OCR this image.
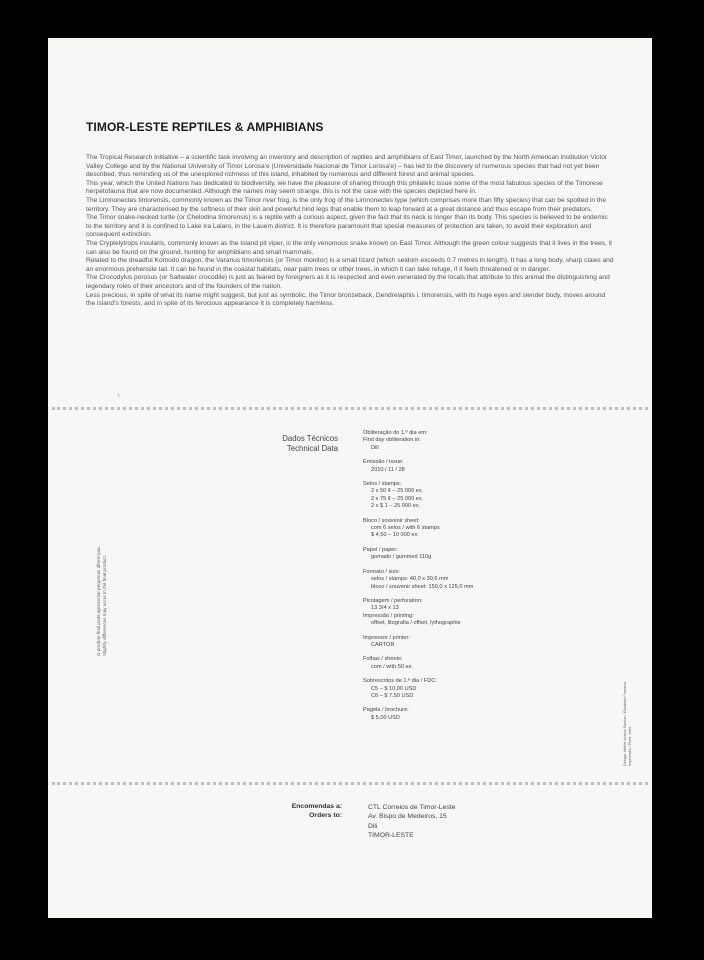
TIMOR-LESTE REPTILES & AMPHIBIANS

The Tropical Research Initiative – a scientific task involving an inventory and description of reptiles and amphibians of East Timor, launched by the North American institution Victor Valley College and by the National University of Timor Lorosa'e (Universidade Nacional de Timor Lorosa'e) – has led to the discovery of numerous species that had not yet been described, thus reminding us of the unexplored richness of this island, inhabited by numerous and different forest and animal species.

This year, which the United Nations has dedicated to biodiversity, we have the pleasure of sharing through this philatelic issue some of the most fabulous species of the Timorese herpetofauna that are now documented. Although the names may seem strange, this is not the case with the species depicted here in.

The Limnonectes timorensis, commonly known as the Timor river frog, is the only frog of the Limnonectes type (which comprises more than fifty species) that can be spotted in the territory. They are characterised by the softness of their skin and powerful hind legs that enable them to leap forward at a great distance and thus escape from their predators.

The Timor snake-necked turtle (or Chelodina timorensis) is a reptile with a curious aspect, given the fact that its neck is longer than its body. This species is believed to be endemic to the territory and it is confined to Lake Ira Lalaro, in the Lauem district. It is therefore paramount that special measures of protection are taken, to avoid their exploration and consequent extinction.

The Cryptelytrops insularis, commonly known as the Island pit viper, is the only venomous snake known on East Timor. Although the green colour suggests that it lives in the trees, it can also be found on the ground, hunting for amphibians and small mammals.

Related to the dreadful Komodo dragon, the Varanus timoriensis (or Timor monitor) is a small lizard (which seldom exceeds 0.7 metres in length). It has a long body, sharp claws and an enormous prehensile tail. It can be found in the coastal habitats, near palm trees or other trees, in which it can take refuge, if it feels threatened or in danger.

The Crocodylus porosus (or Saltwater crocodile) is just as feared by foreigners as it is respected and even venerated by the locals that attribute to this animal the distinguishing and legendary roles of their ancestors and of the founders of the nation.

Less precious, in spite of what its name might suggest, but just as symbolic, the Timor bronzeback, Dendrelaphis i. timorensis, with its huge eyes and slender body, moves around the island's forests, and in spite of its ferocious appearance it is completely harmless.

Dados Técnicos
Technical Data
Obliteração do 1.º dia em:
First day obliteration in:
Dili
Emissão / issue:
2010 / 11 / 28
Selos / stamps:
2 x 50 ¢ – 25 000 ex.
2 x 75 ¢ – 25 000 ex.
2 x $ 1 – 25 000 ex.
Bloco / souvenir sheet:
com 6 selos / with 6 stamps
$ 4,50 – 10 000 ex.
Papel / paper:
gomado / gummed 110g
Formato / size:
selos / stamps: 40,0 x 30,6 mm
bloco / souvenir sheet: 150,0 x 125,0 mm
Picotagem / perforation:
13 3/4 x 13
Impressão / printing:
offset, litografia / offset, lythographie
Impressor / printer:
CARTOR
Folhas / sheets:
com / with 50 ex.
Sobrescritos de 1.º dia / FDC:
C5 – $ 10,00 USD
C6 – $ 7,50 USD
Pagela / brochure:
$ 5,00 USD
O produto final pode apresentar pequenas diferenças. Slightly differences may occur in the final product.
Design: Atelier Acácio Santos / Elizabete Fonseca Impressão / Print: Joier
Encomendas a:
Orders to:
CTL Correios de Timor-Leste
Av. Bispo de Medeiros, 15
Dili
TIMOR-LESTE
